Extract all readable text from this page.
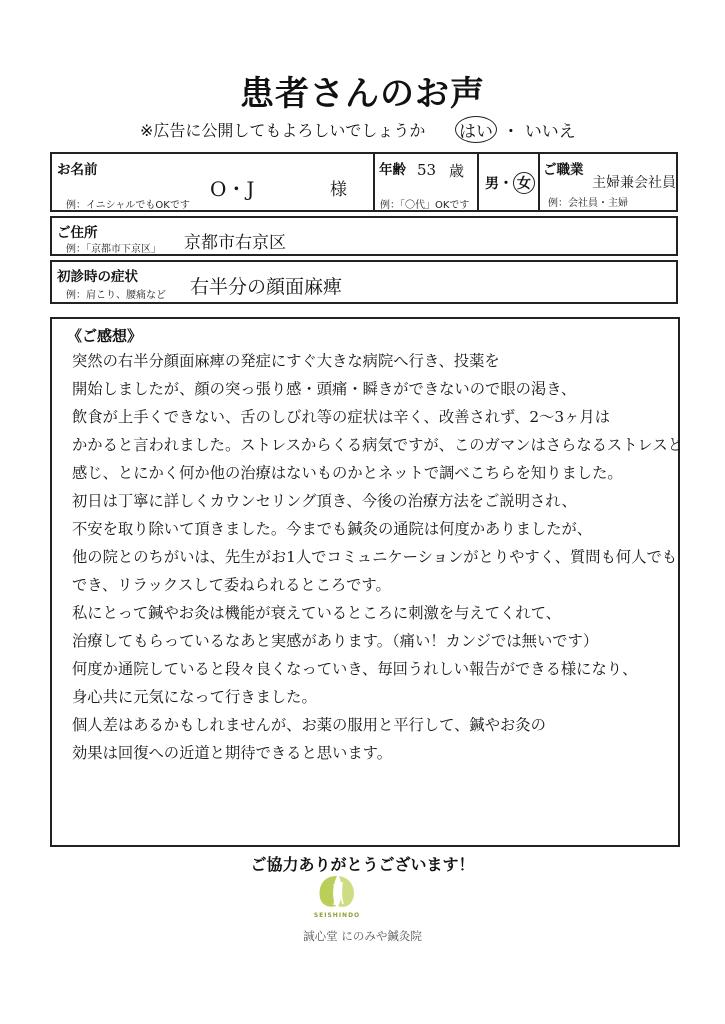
患者さんのお声
※広告に公開してもよろしいでしょうか はい ・ いいえ
お名前
例：イニシャルでもOKです
O・J	様
年齢 53 歳
例：「〇代」OKです
男・ 女
ご職業
主婦兼会社員
例：会社員・主婦
ご住所
例：「京都市下京区」 京都市右京区
初診時の症状
例：肩こり、腰痛など 右半分の顔面麻痺
《ご感想》
突然の右半分顔面麻痺の発症にすぐ大きな病院へ行き、投薬を
開始しましたが、顔の突っ張り感・頭痛・瞬きができないので眼の渇き、
飲食が上手くできない、舌のしびれ等の症状は辛く、改善されず、2〜3ヶ月は
かかると言われました。ストレスからくる病気ですが、このガマンはさらなるストレスと
感じ、とにかく何か他の治療はないものかとネットで調べこちらを知りました。
初日は丁寧に詳しくカウンセリング頂き、今後の治療方法をご説明され、
不安を取り除いて頂きました。今までも鍼灸の通院は何度かありましたが、
他の院とのちがいは、先生がお1人でコミュニケーションがとりやすく、質問も何人でも
でき、リラックスして委ねられるところです。
私にとって鍼やお灸は機能が衰えているところに刺激を与えてくれて、
治療してもらっているなあと実感があります。（痛い！カンジでは無いです）
何度か通院していると段々良くなっていき、毎回うれしい報告ができる様になり、
身心共に元気になって行きました。
個人差はあるかもしれませんが、お薬の服用と平行して、鍼やお灸の
効果は回復への近道と期待できると思います。
ご協力ありがとうございます！
SEISHINDO
誠心堂 にのみや鍼灸院
